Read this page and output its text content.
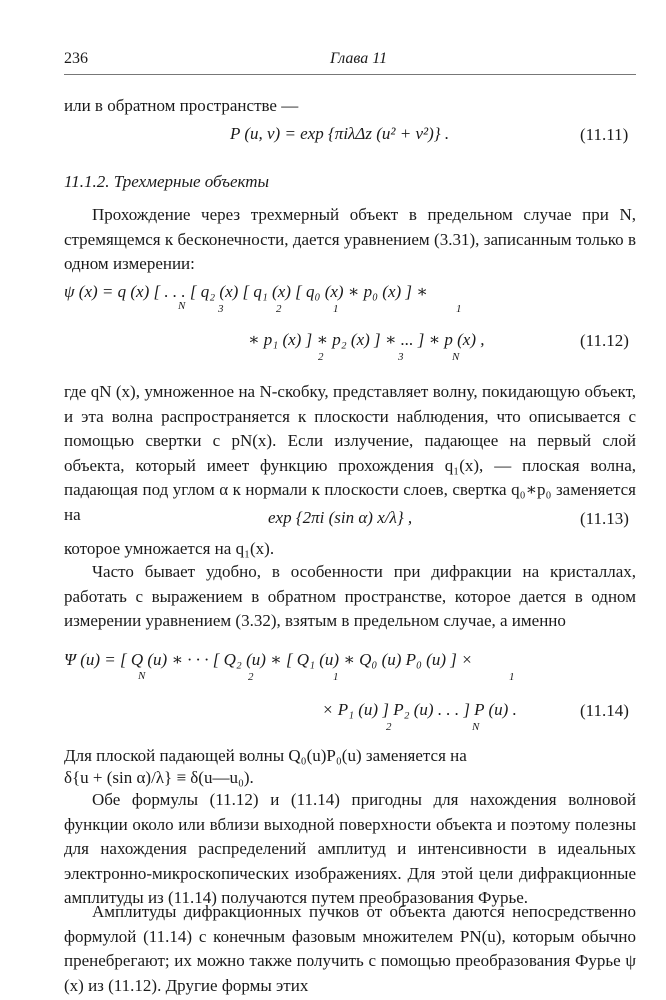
236	Глава 11
или в обратном пространстве —
P (u, v) = exp {πiλΔz (u² + v²)} .	(11.11)
11.1.2. Трехмерные объекты
Прохождение через трехмерный объект в предельном случае при N, стремящемся к бесконечности, дается уравнением (3.31), записанным только в одном измерении:
ψ (x) = q (x) [ . . . [ q₂ (x) [ q₁ (x) [ q₀ (x) ∗ p₀ (x) ] ∗
N	3	2	1	1
∗ p₁ (x) ] ∗ p₂ (x) ] ∗ ... ] ∗ p (x) ,
2	3	N
(11.12)
где qN (x), умноженное на N-скобку, представляет волну, покидающую объект, и эта волна распространяется к плоскости наблюдения, что описывается с помощью свертки с pN(x). Если излучение, падающее на первый слой объекта, который имеет функцию прохождения q₁(x), — плоская волна, падающая под углом α к нормали к плоскости слоев, свертка q₀∗p₀ заменяется на	exp {2πi (sin α) x/λ} ,	(11.13)
которое умножается на q₁(x).
Часто бывает удобно, в особенности при дифракции на кристаллах, работать с выражением в обратном пространстве, которое дается в одном измерении уравнением (3.32), взятым в предельном случае, а именно
Ψ (u) = [ Q (u) ∗ · · · [ Q₂ (u) ∗ [ Q₁ (u) ∗ Q₀ (u) P₀ (u) ] ×
N	2	1	1
× P₁ (u) ] P₂ (u) . . . ] P (u) .
2	N
(11.14)
Для плоской падающей волны Q₀(u)P₀(u) заменяется на
δ{u + (sin α)/λ} ≡ δ(u—u₀).
Обе формулы (11.12) и (11.14) пригодны для нахождения волновой функции около или вблизи выходной поверхности объекта и поэтому полезны для нахождения распределений амплитуд и интенсивности в идеальных электронно-микроскопических изображениях. Для этой цели дифракционные амплитуды из (11.14) получаются путем преобразования Фурье.
Амплитуды дифракционных пучков от объекта даются непосредственно формулой (11.14) с конечным фазовым множителем PN(u), которым обычно пренебрегают; их можно также получить с помощью преобразования Фурье ψ (x) из (11.12). Другие формы этих
